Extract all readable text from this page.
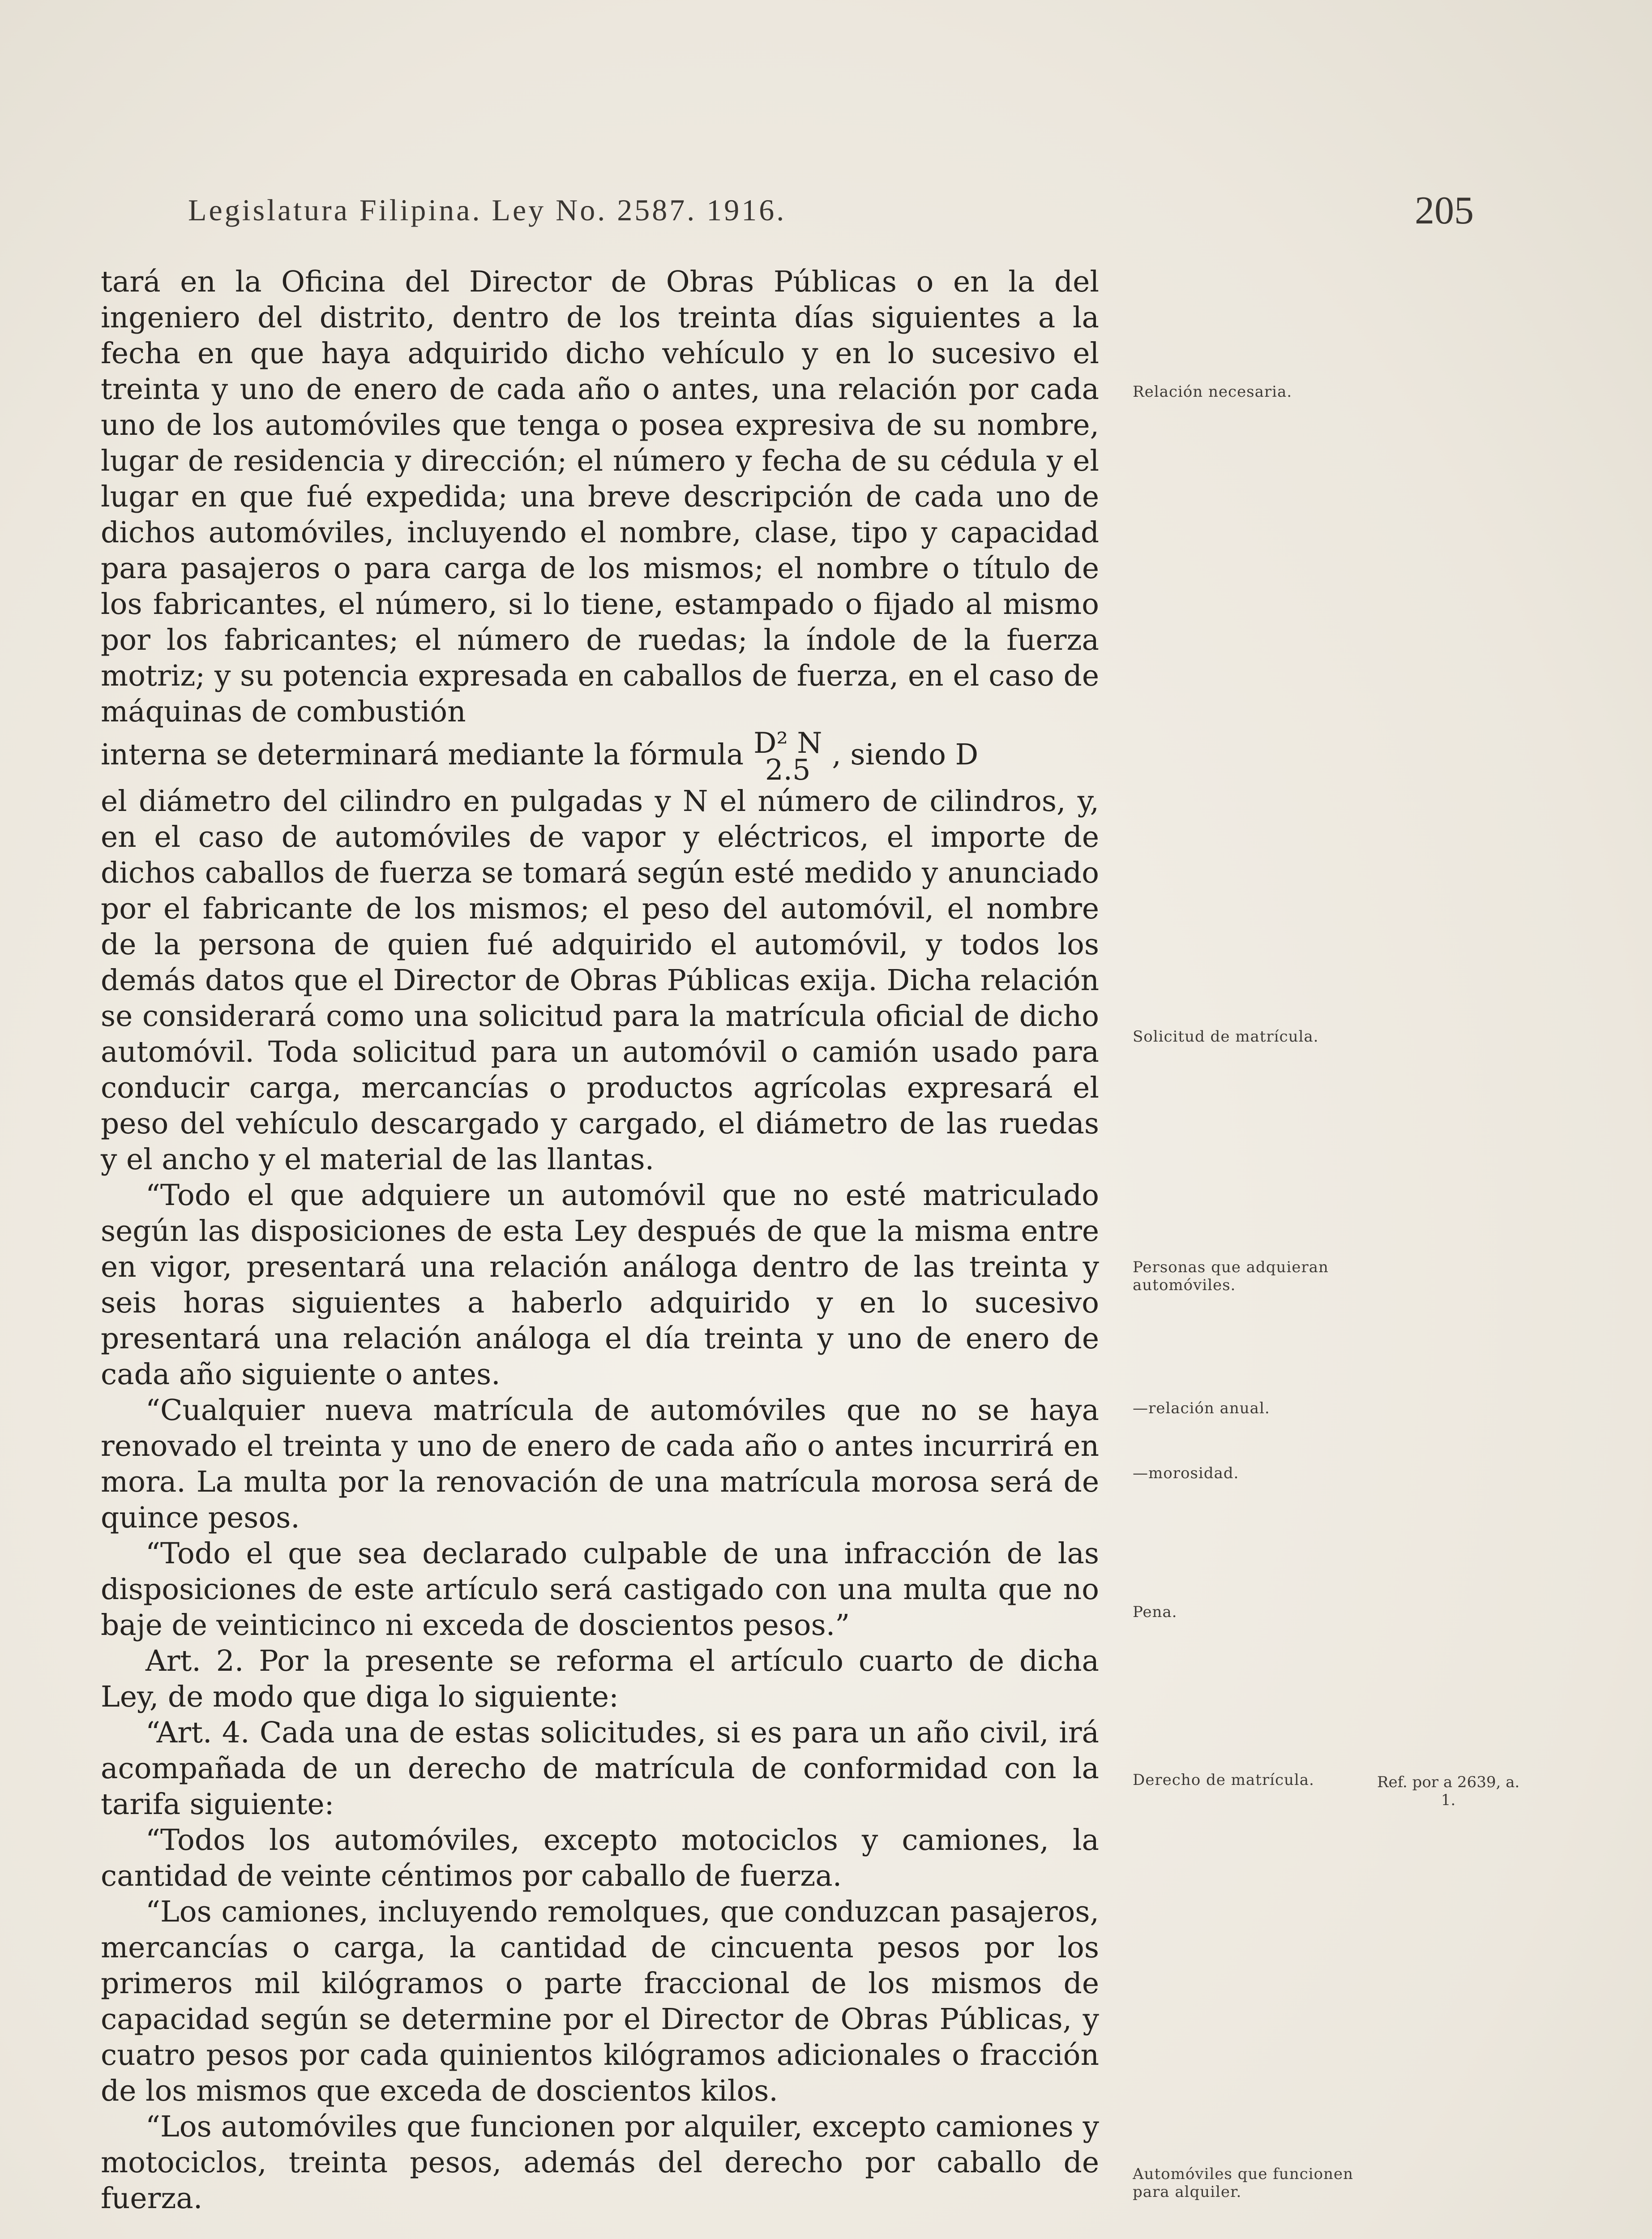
Legislatura Filipina. Ley No. 2587. 1916.	205

tará en la Oficina del Director de Obras Públicas o en la del ingeniero del distrito, dentro de los treinta días siguientes a la fecha en que haya adquirido dicho vehículo y en lo sucesivo el treinta y uno de enero de cada año o antes, una relación por cada uno de los automóviles que tenga o posea expresiva de su nombre, lugar de residencia y dirección; el número y fecha de su cédula y el lugar en que fué expedida; una breve descripción de cada uno de dichos automóviles, incluyendo el nombre, clase, tipo y capacidad para pasajeros o para carga de los mismos; el nombre o título de los fabricantes, el número, si lo tiene, estampado o fijado al mismo por los fabricantes; el número de ruedas; la índole de la fuerza motriz; y su potencia expresada en caballos de fuerza, en el caso de máquinas de combustión

interna se determinará mediante la fórmula D² N
2.5 , siendo D

el diámetro del cilindro en pulgadas y N el número de cilindros, y, en el caso de automóviles de vapor y eléctricos, el importe de dichos caballos de fuerza se tomará según esté medido y anunciado por el fabricante de los mismos; el peso del automóvil, el nombre de la persona de quien fué adquirido el automóvil, y todos los demás datos que el Director de Obras Públicas exija. Dicha relación se considerará como una solicitud para la matrícula oficial de dicho automóvil. Toda solicitud para un automóvil o camión usado para conducir carga, mercancías o productos agrícolas expresará el peso del vehículo descargado y cargado, el diámetro de las ruedas y el ancho y el material de las llantas.

“Todo el que adquiere un automóvil que no esté matriculado según las disposiciones de esta Ley después de que la misma entre en vigor, presentará una relación análoga dentro de las treinta y seis horas siguientes a haberlo adquirido y en lo sucesivo presentará una relación análoga el día treinta y uno de enero de cada año siguiente o antes.

“Cualquier nueva matrícula de automóviles que no se haya renovado el treinta y uno de enero de cada año o antes incurrirá en mora. La multa por la renovación de una matrícula morosa será de quince pesos.

“Todo el que sea declarado culpable de una infracción de las disposiciones de este artículo será castigado con una multa que no baje de veinticinco ni exceda de doscientos pesos.”

Art. 2. Por la presente se reforma el artículo cuarto de dicha Ley, de modo que diga lo siguiente:

“Art. 4. Cada una de estas solicitudes, si es para un año civil, irá acompañada de un derecho de matrícula de conformidad con la tarifa siguiente:

“Todos los automóviles, excepto motociclos y camiones, la cantidad de veinte céntimos por caballo de fuerza.

“Los camiones, incluyendo remolques, que conduzcan pasajeros, mercancías o carga, la cantidad de cincuenta pesos por los primeros mil kilógramos o parte fraccional de los mismos de capacidad según se determine por el Director de Obras Públicas, y cuatro pesos por cada quinientos kilógramos adicionales o fracción de los mismos que exceda de doscientos kilos.

“Los automóviles que funcionen por alquiler, excepto camiones y motociclos, treinta pesos, además del derecho por caballo de fuerza.

Relación necesaria.
Solicitud de matrícula.
Personas que adquieran automóviles.
—relación anual.
—morosidad.
Pena.
Derecho de matrícula.
Automóviles que funcionen para alquiler.
Ref. por a 2639, a. 1.
